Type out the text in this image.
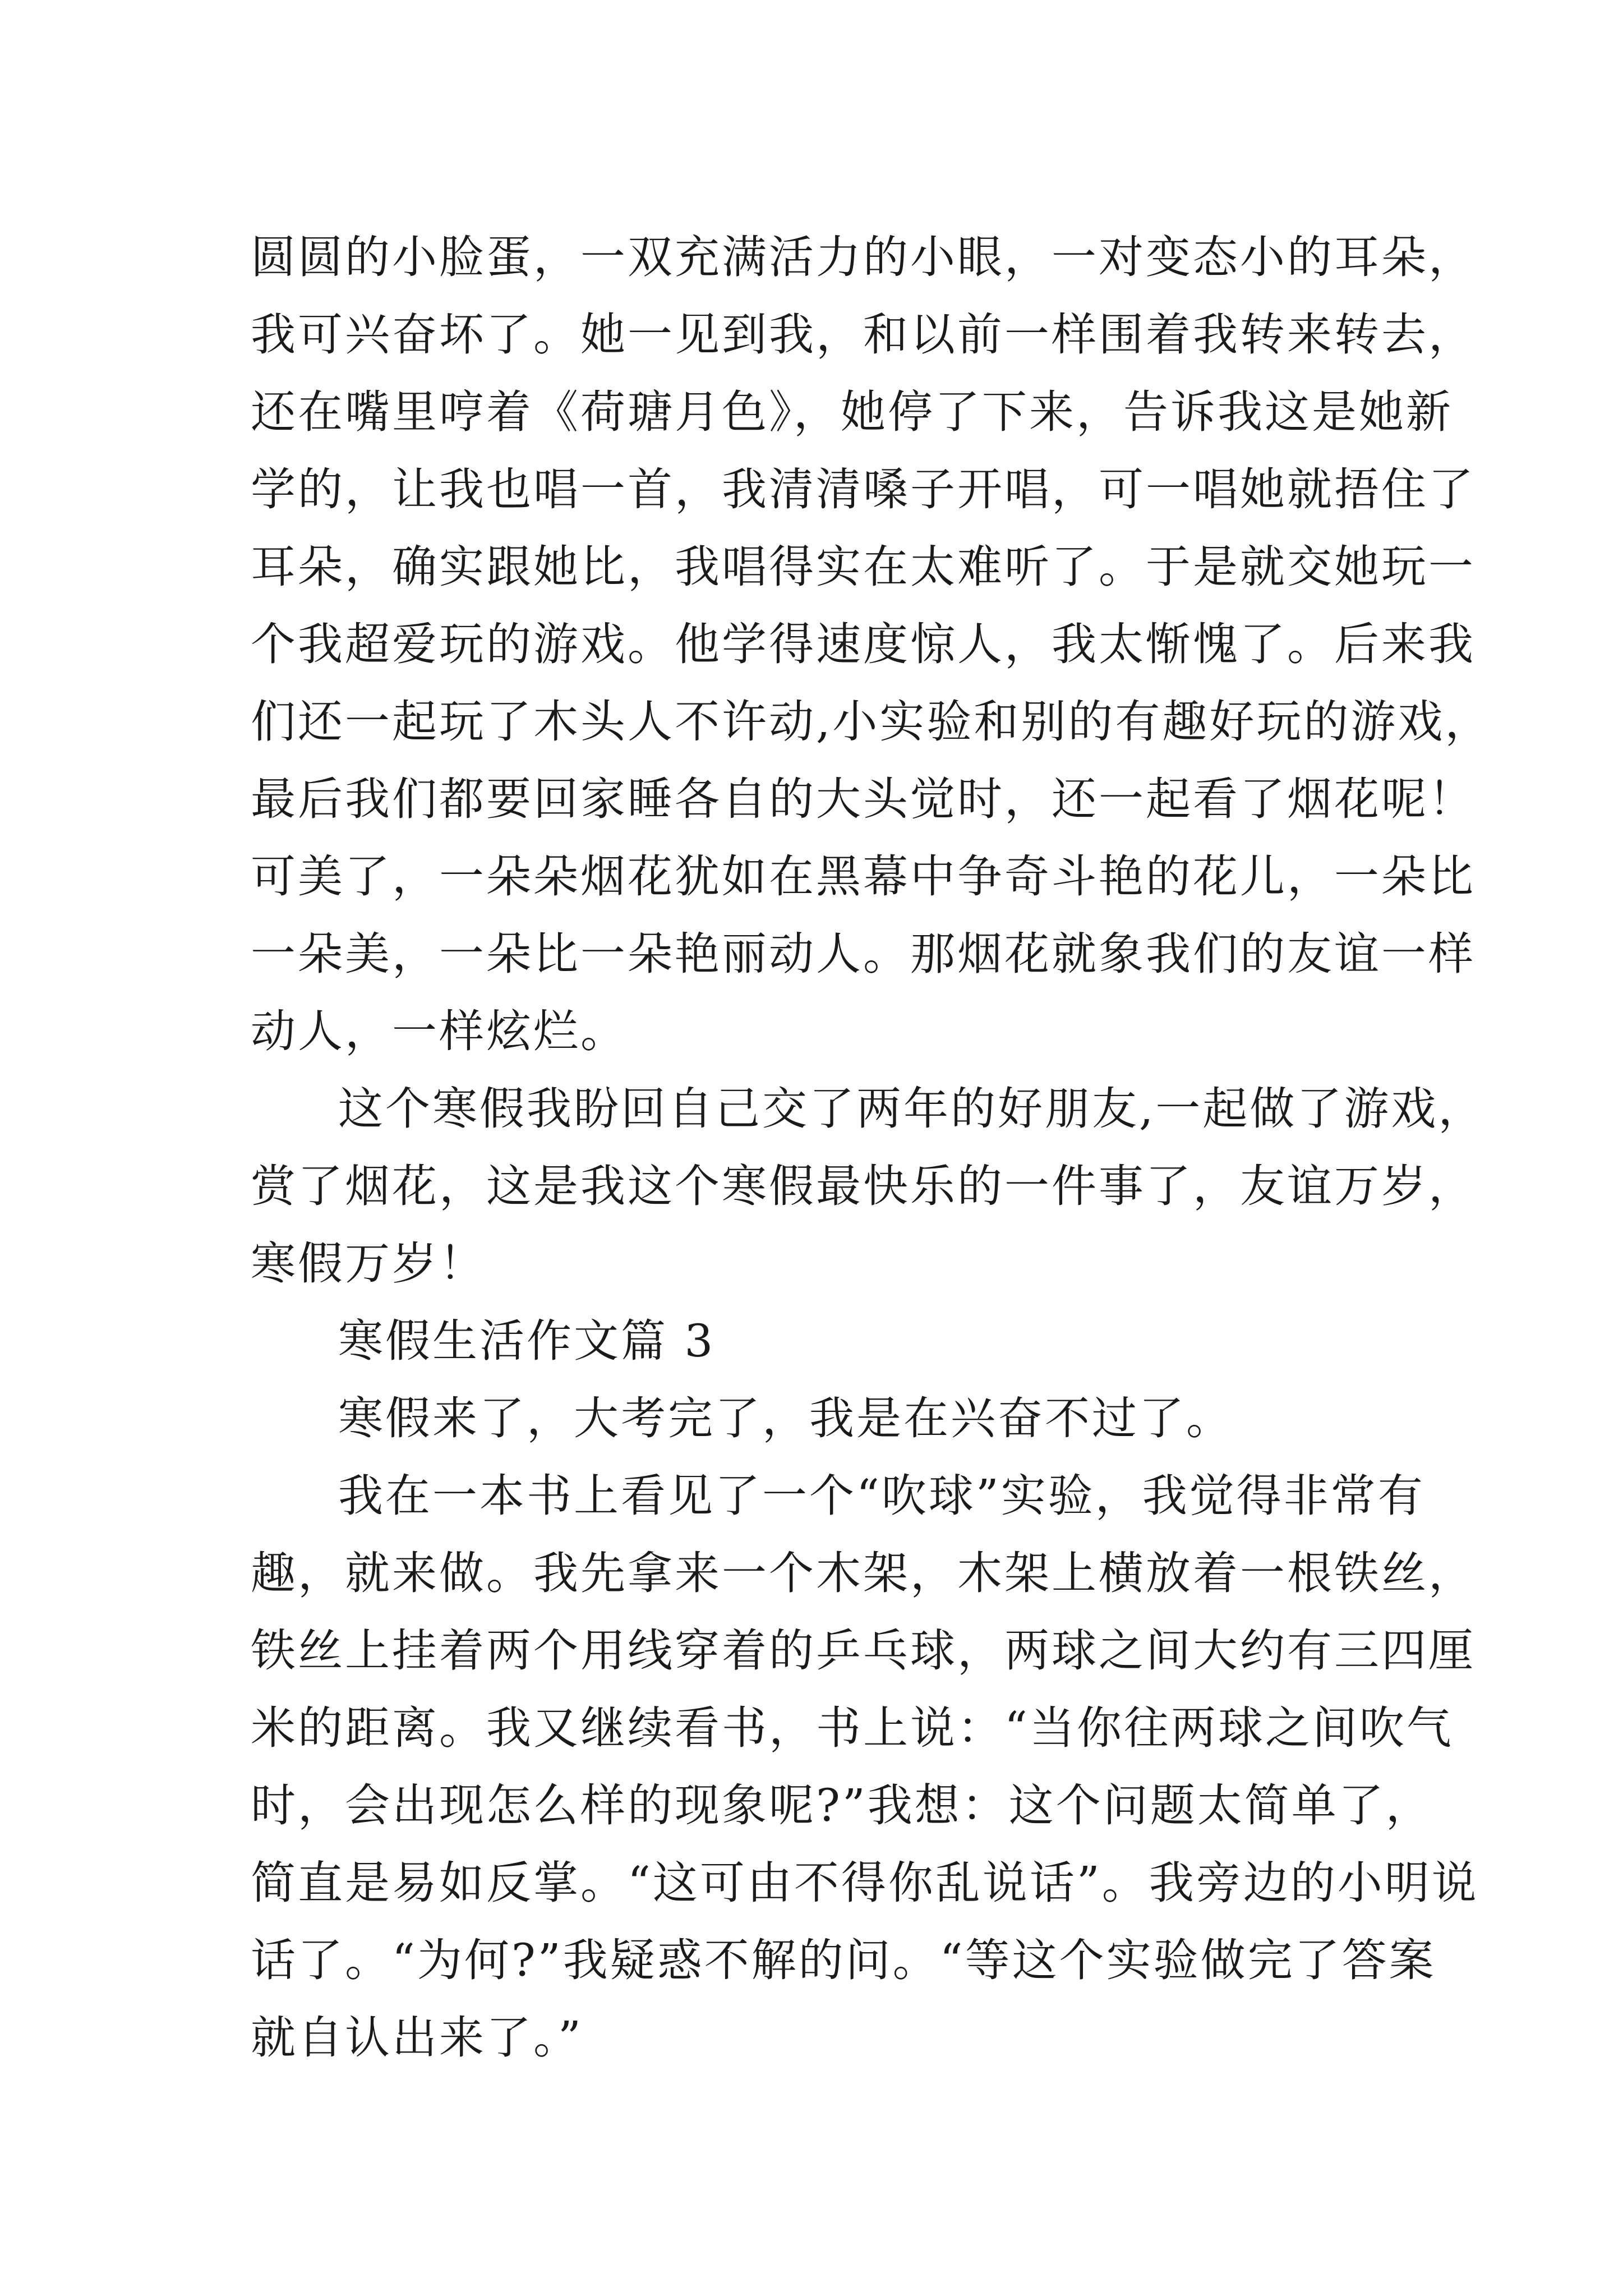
圆圆的小脸蛋，一双充满活力的小眼，一对变态小的耳朵，
我可兴奋坏了。她一见到我，和以前一样围着我转来转去，
还在嘴里哼着《荷瑭月色》，她停了下来，告诉我这是她新
学的，让我也唱一首，我清清嗓子开唱，可一唱她就捂住了
耳朵，确实跟她比，我唱得实在太难听了。于是就交她玩一
个我超爱玩的游戏。他学得速度惊人，我太惭愧了。后来我
们还一起玩了木头人不许动,小实验和别的有趣好玩的游戏，
最后我们都要回家睡各自的大头觉时，还一起看了烟花呢！
可美了，一朵朵烟花犹如在黑幕中争奇斗艳的花儿，一朵比
一朵美，一朵比一朵艳丽动人。那烟花就象我们的友谊一样
动人，一样炫烂。
这个寒假我盼回自己交了两年的好朋友,一起做了游戏，
赏了烟花，这是我这个寒假最快乐的一件事了，友谊万岁，
寒假万岁！
寒假生活作文篇 3
寒假来了，大考完了，我是在兴奋不过了。
我在一本书上看见了一个“吹球”实验，我觉得非常有
趣，就来做。我先拿来一个木架，木架上横放着一根铁丝，
铁丝上挂着两个用线穿着的乒乓球，两球之间大约有三四厘
米的距离。我又继续看书，书上说：“当你往两球之间吹气
时，会出现怎么样的现象呢?”我想：这个问题太简单了，
简直是易如反掌。“这可由不得你乱说话”。我旁边的小明说
话了。“为何?”我疑惑不解的问。“等这个实验做完了答案
就自认出来了。”
